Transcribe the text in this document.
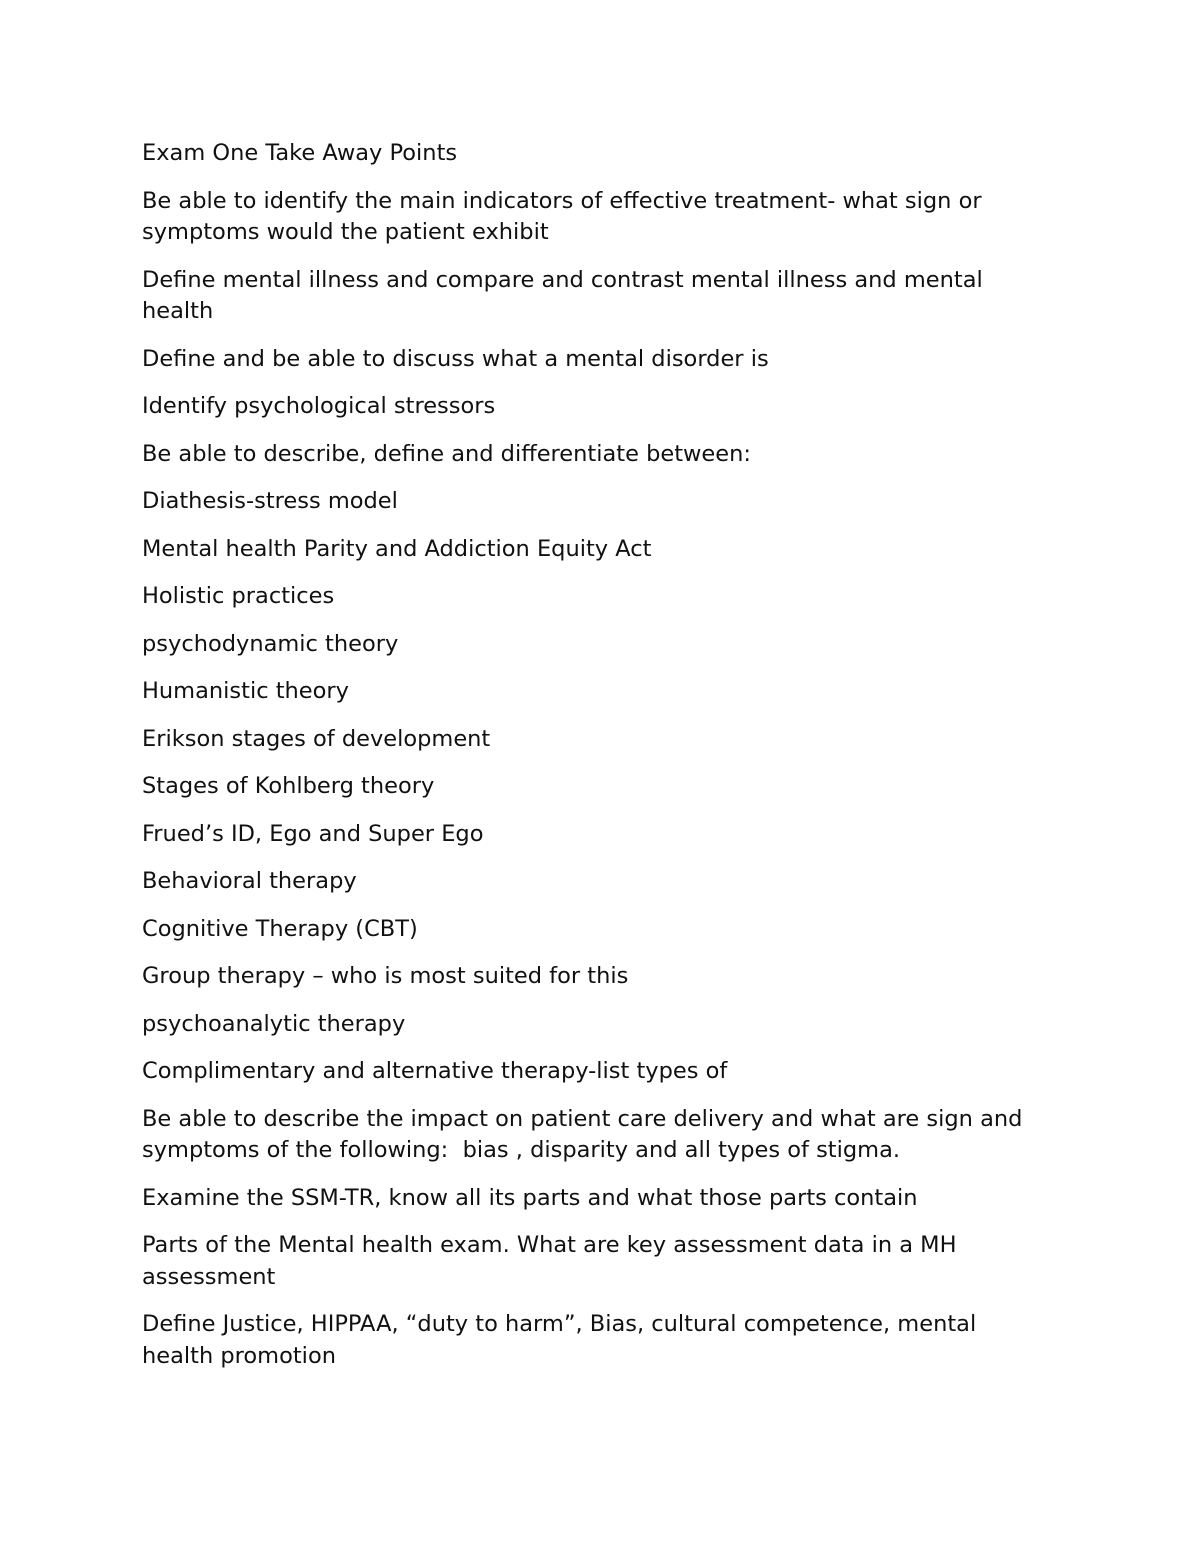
Exam One Take Away Points

Be able to identify the main indicators of effective treatment- what sign or symptoms would the patient exhibit

Define mental illness and compare and contrast mental illness and mental health

Define and be able to discuss what a mental disorder is

Identify psychological stressors

Be able to describe, define and differentiate between:

Diathesis-stress model

Mental health Parity and Addiction Equity Act

Holistic practices

psychodynamic theory

Humanistic theory

Erikson stages of development

Stages of Kohlberg theory

Frued’s ID, Ego and Super Ego

Behavioral therapy

Cognitive Therapy (CBT)

Group therapy – who is most suited for this

psychoanalytic therapy

Complimentary and alternative therapy-list types of

Be able to describe the impact on patient care delivery and what are sign and symptoms of the following:  bias , disparity and all types of stigma.

Examine the SSM-TR, know all its parts and what those parts contain

Parts of the Mental health exam. What are key assessment data in a MH assessment

Define Justice, HIPPAA, “duty to harm”, Bias, cultural competence, mental health promotion
